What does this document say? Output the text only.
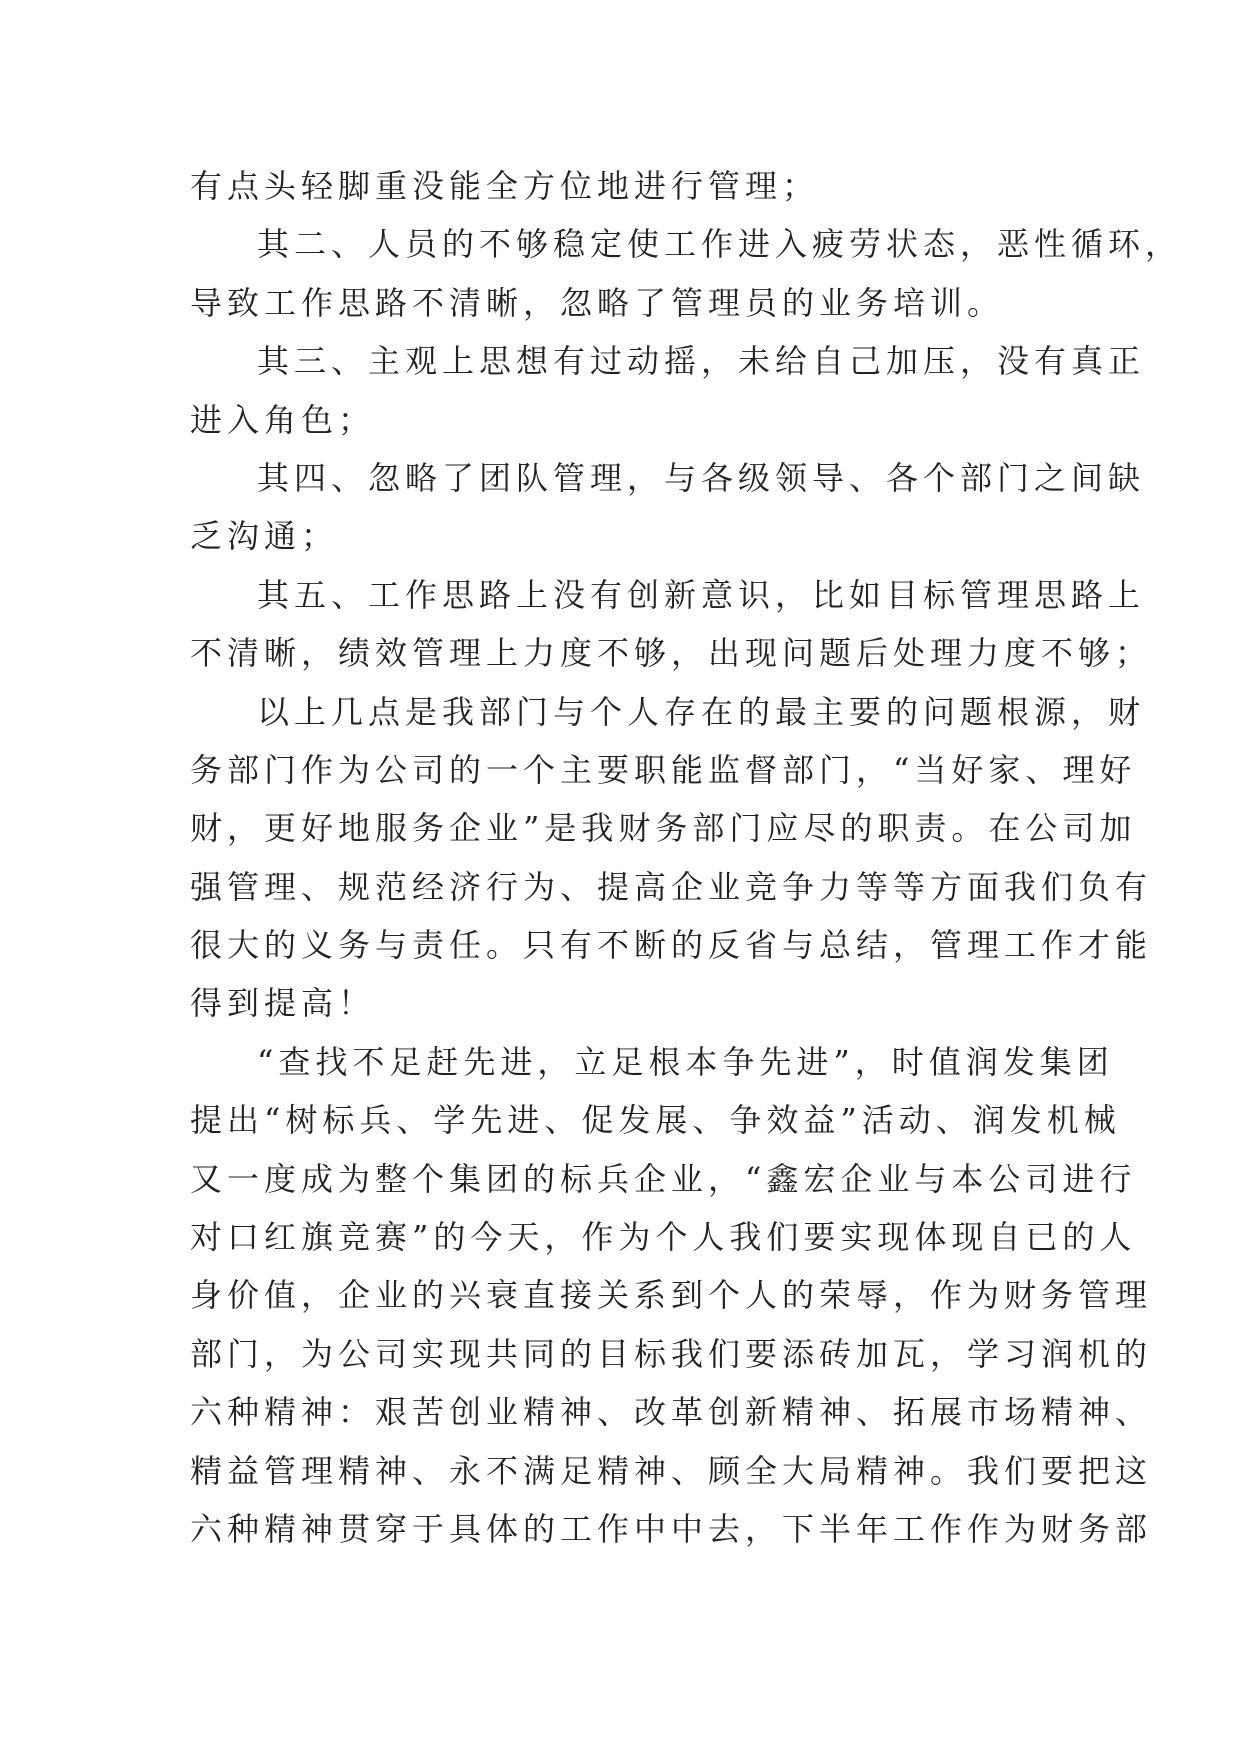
有点头轻脚重没能全方位地进行管理；
其二、人员的不够稳定使工作进入疲劳状态，恶性循环，
导致工作思路不清晰，忽略了管理员的业务培训。
其三、主观上思想有过动摇，未给自己加压，没有真正
进入角色；
其四、忽略了团队管理，与各级领导、各个部门之间缺
乏沟通；
其五、工作思路上没有创新意识，比如目标管理思路上
不清晰，绩效管理上力度不够，出现问题后处理力度不够；
以上几点是我部门与个人存在的最主要的问题根源，财
务部门作为公司的一个主要职能监督部门，“当好家、理好
财，更好地服务企业”是我财务部门应尽的职责。在公司加
强管理、规范经济行为、提高企业竞争力等等方面我们负有
很大的义务与责任。只有不断的反省与总结，管理工作才能
得到提高！
“查找不足赶先进，立足根本争先进”，时值润发集团
提出“树标兵、学先进、促发展、争效益”活动、润发机械
又一度成为整个集团的标兵企业，“鑫宏企业与本公司进行
对口红旗竞赛”的今天，作为个人我们要实现体现自已的人
身价值，企业的兴衰直接关系到个人的荣辱，作为财务管理
部门，为公司实现共同的目标我们要添砖加瓦，学习润机的
六种精神：艰苦创业精神、改革创新精神、拓展市场精神、
精益管理精神、永不满足精神、顾全大局精神。我们要把这
六种精神贯穿于具体的工作中中去，下半年工作作为财务部
